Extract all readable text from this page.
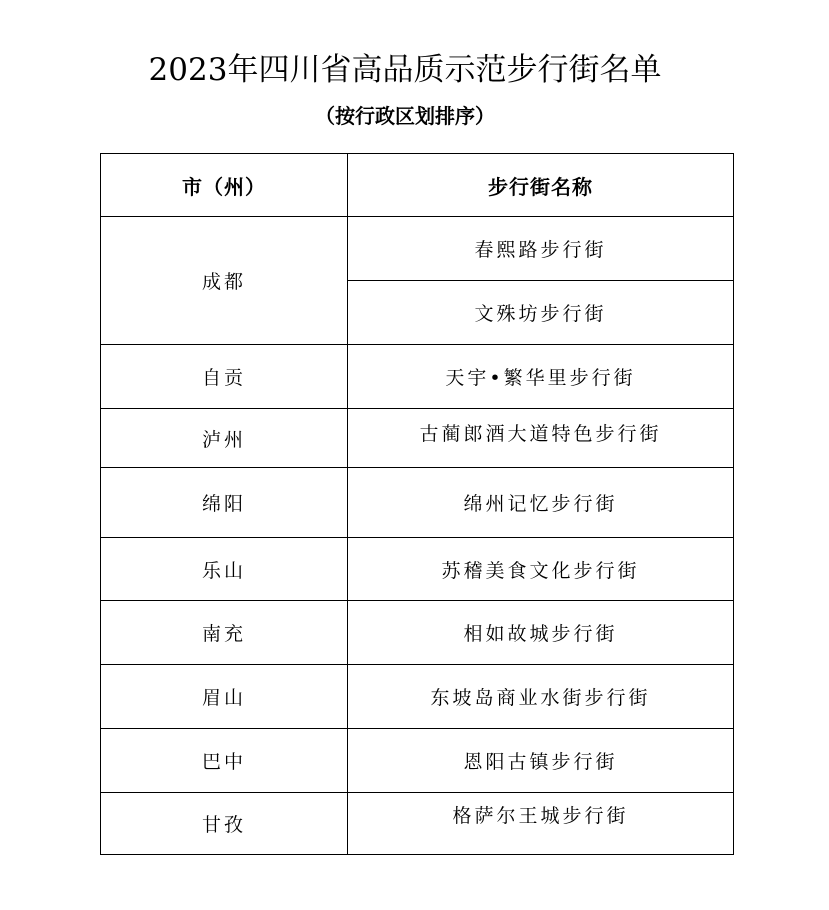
2023年四川省高品质示范步行街名单
（按行政区划排序）
市（州）	步行街名称
成都	春熙路步行街
	文殊坊步行街
自贡	天宇•繁华里步行街
泸州	古蔺郎酒大道特色步行街
绵阳	绵州记忆步行街
乐山	苏稽美食文化步行街
南充	相如故城步行街
眉山	东坡岛商业水街步行街
巴中	恩阳古镇步行街
甘孜	格萨尔王城步行街
